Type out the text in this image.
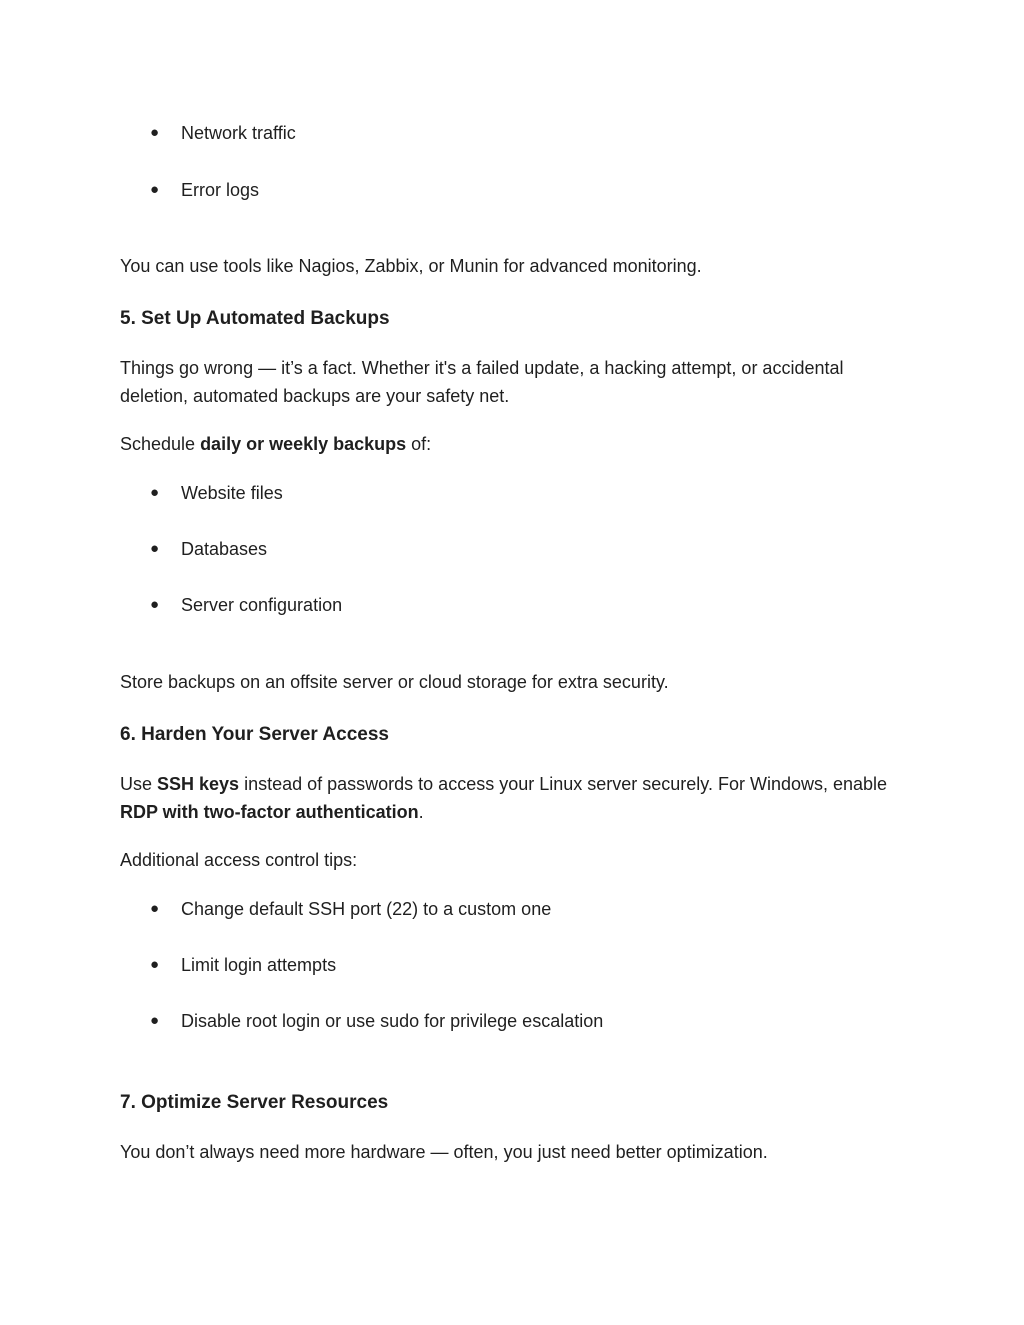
● Network traffic
● Error logs
You can use tools like Nagios, Zabbix, or Munin for advanced monitoring.
5. Set Up Automated Backups
Things go wrong — it’s a fact. Whether it's a failed update, a hacking attempt, or accidental
deletion, automated backups are your safety net.
Schedule daily or weekly backups of:
● Website files
● Databases
● Server configuration
Store backups on an offsite server or cloud storage for extra security.
6. Harden Your Server Access
Use SSH keys instead of passwords to access your Linux server securely. For Windows, enable
RDP with two-factor authentication.
Additional access control tips:
● Change default SSH port (22) to a custom one
● Limit login attempts
● Disable root login or use sudo for privilege escalation
7. Optimize Server Resources
You don’t always need more hardware — often, you just need better optimization.
